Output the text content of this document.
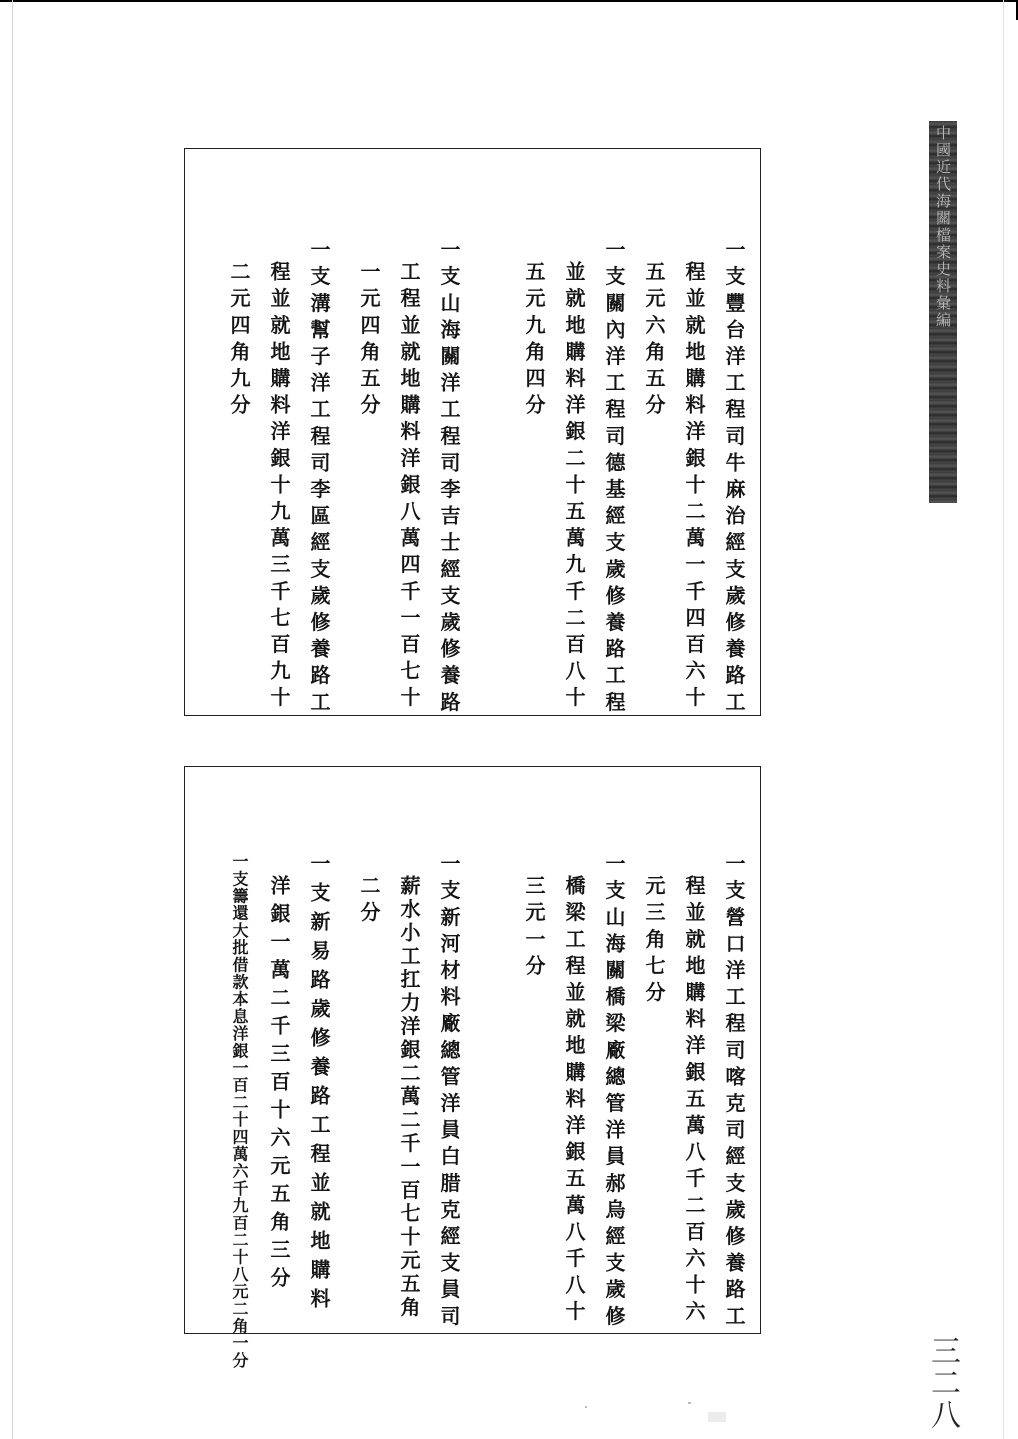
中國近代海關檔案史料彙編
一支豐台洋工程司牛麻治經支歲修養路工
程並就地購料洋銀十二萬一千四百六十
五元六角五分
一支關內洋工程司德基經支歲修養路工程
並就地購料洋銀二十五萬九千二百八十
五元九角四分
一支山海關洋工程司李吉士經支歲修養路
工程並就地購料洋銀八萬四千一百七十
一元四角五分
一支溝幫子洋工程司李區經支歲修養路工
程並就地購料洋銀十九萬三千七百九十
二元四角九分
一支營口洋工程司喀克司經支歲修養路工
程並就地購料洋銀五萬八千二百六十六
元三角七分
一支山海關橋梁廠總管洋員郝烏經支歲修
橋梁工程並就地購料洋銀五萬八千八十
三元一分
一支新河材料廠總管洋員白腊克經支員司
薪水小工扛力洋銀二萬二千一百七十元五角
二分
一支新易路歲修養路工程並就地購料
洋銀一萬二千三百十六元五角三分
一支籌還大批借款本息洋銀一百二十四萬六千九百二十八元二角一分
三二八
